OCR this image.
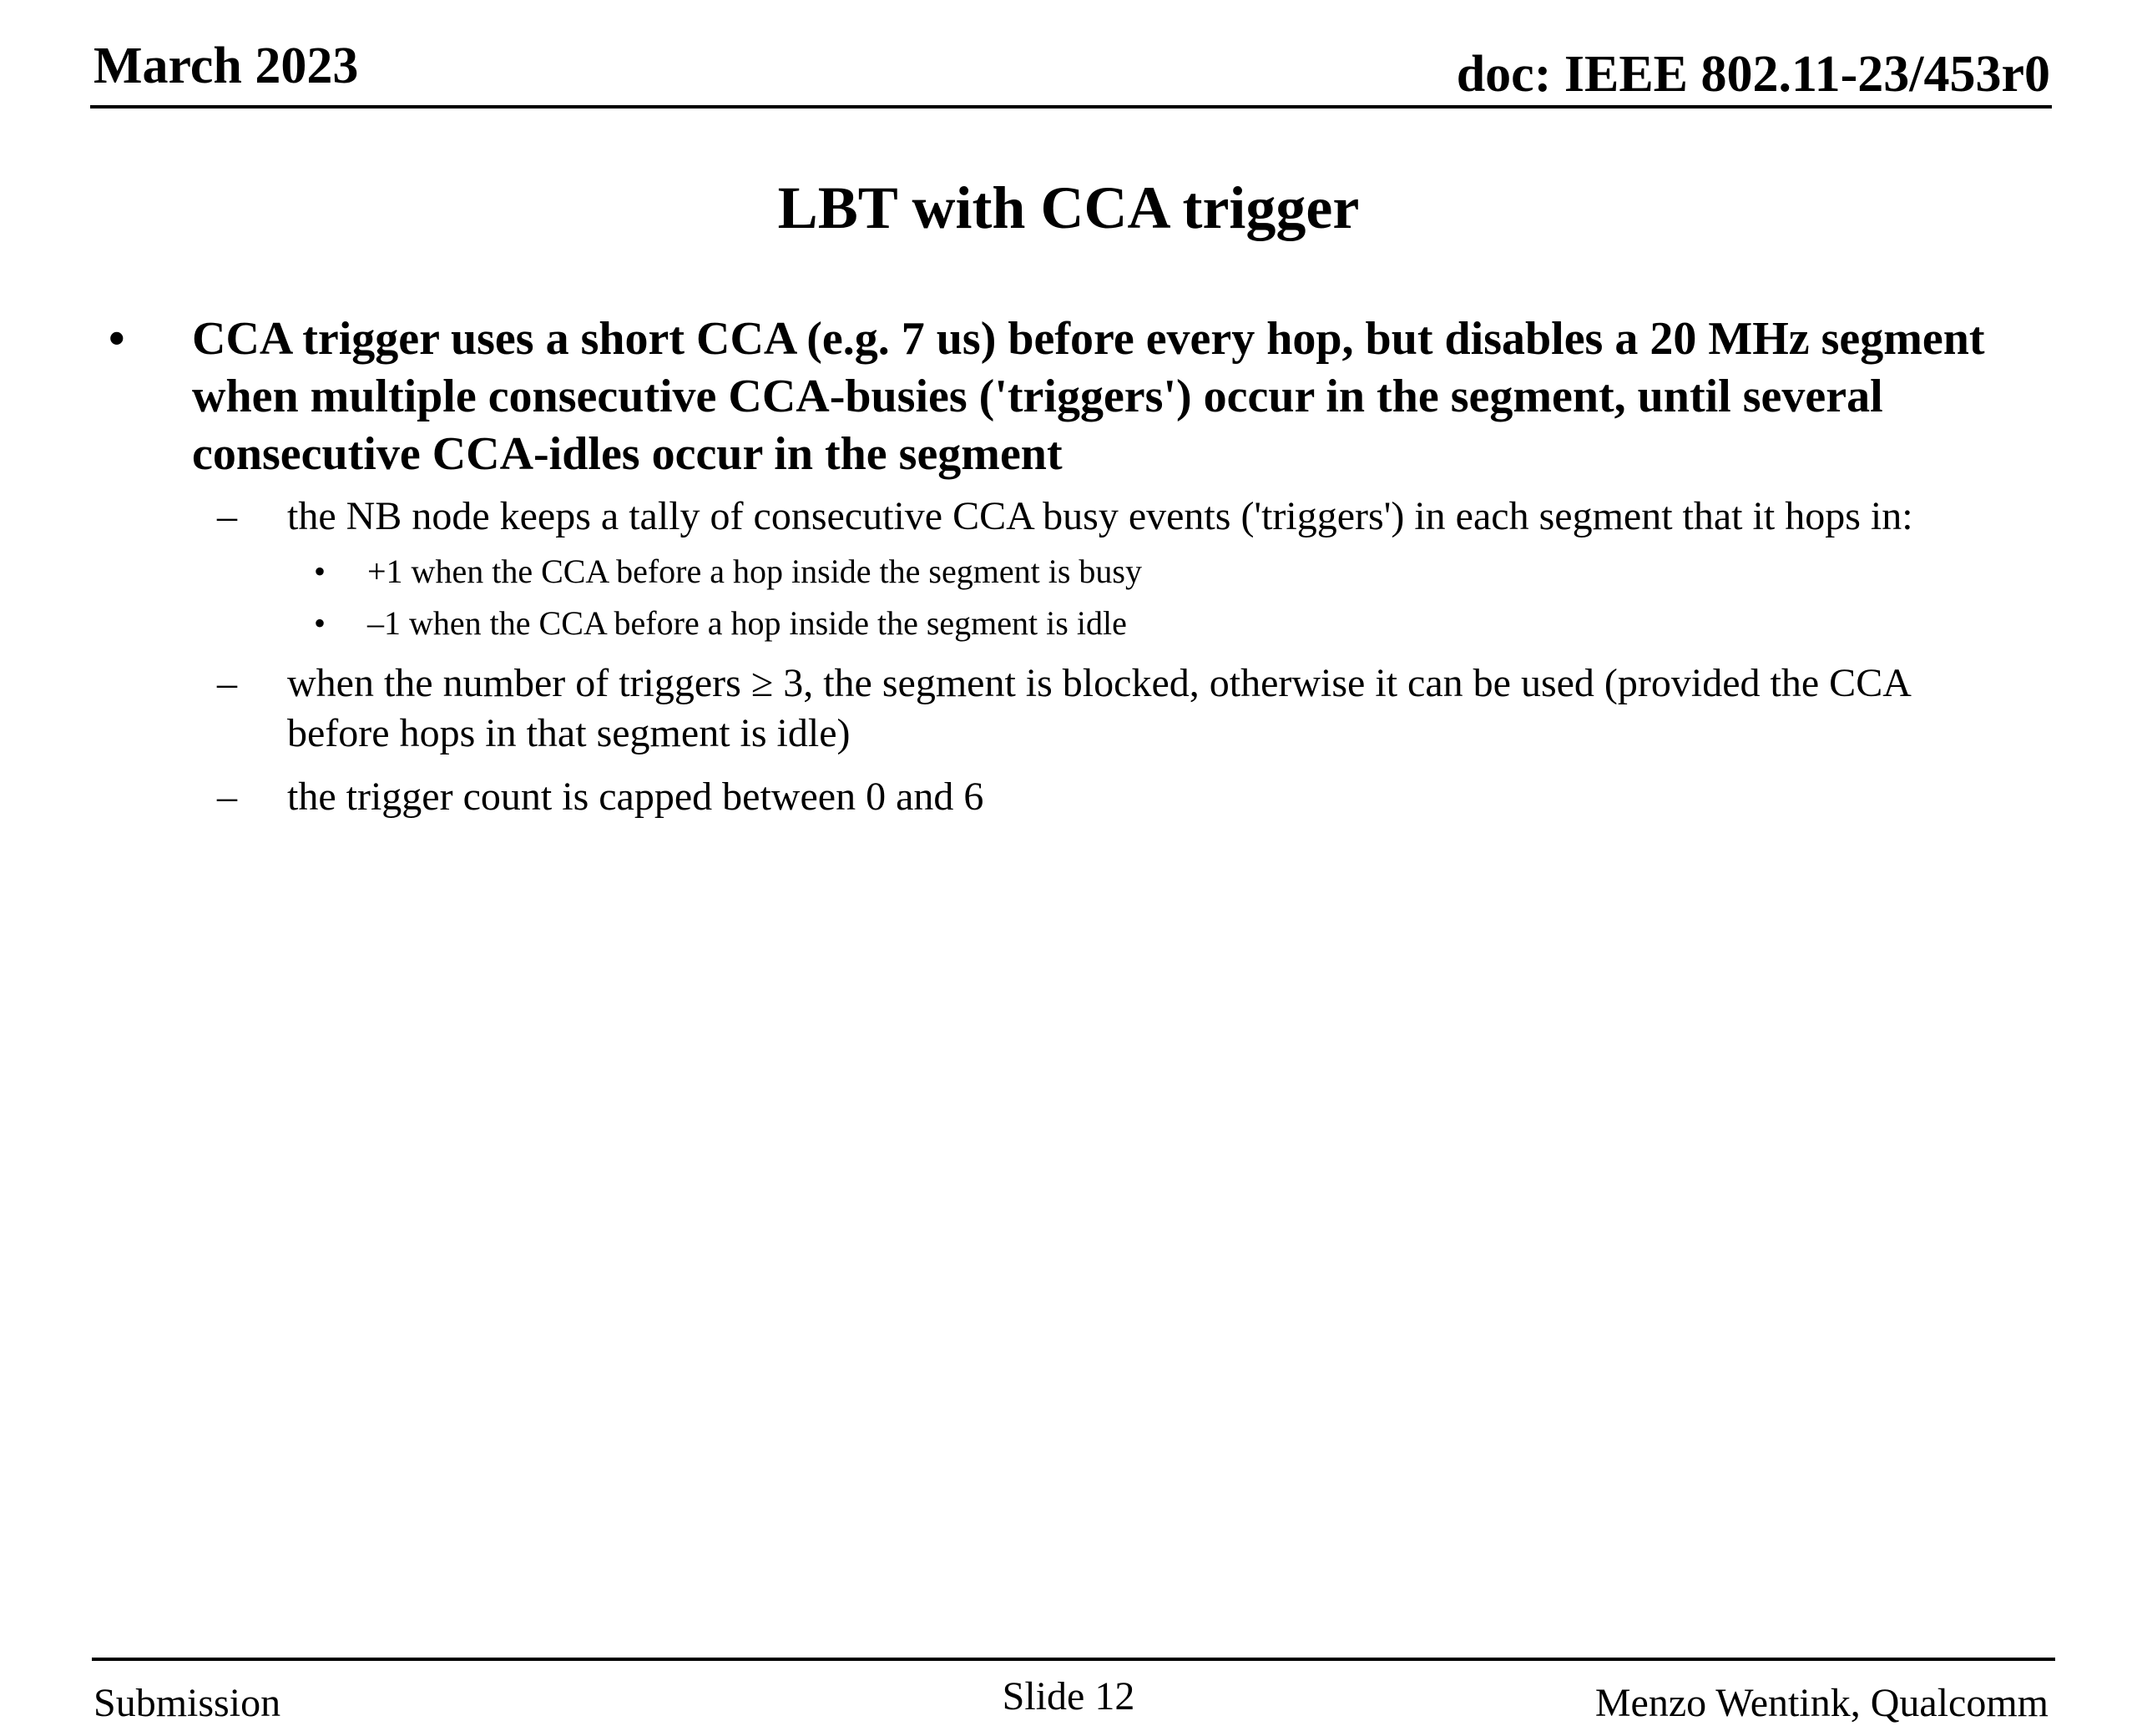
March 2023	doc: IEEE 802.11-23/453r0
LBT with CCA trigger
•	CCA trigger uses a short CCA (e.g. 7 us) before every hop, but disables a 20 MHz segment when multiple consecutive CCA-busies ('triggers') occur in the segment, until several consecutive CCA-idles occur in the segment
–	the NB node keeps a tally of consecutive CCA busy events ('triggers') in each segment that it hops in:
•	+1 when the CCA before a hop inside the segment is busy
•	–1 when the CCA before a hop inside the segment is idle
–	when the number of triggers ≥ 3, the segment is blocked, otherwise it can be used (provided the CCA before hops in that segment is idle)
–	the trigger count is capped between 0 and 6
Submission	Slide 12	Menzo Wentink, Qualcomm
